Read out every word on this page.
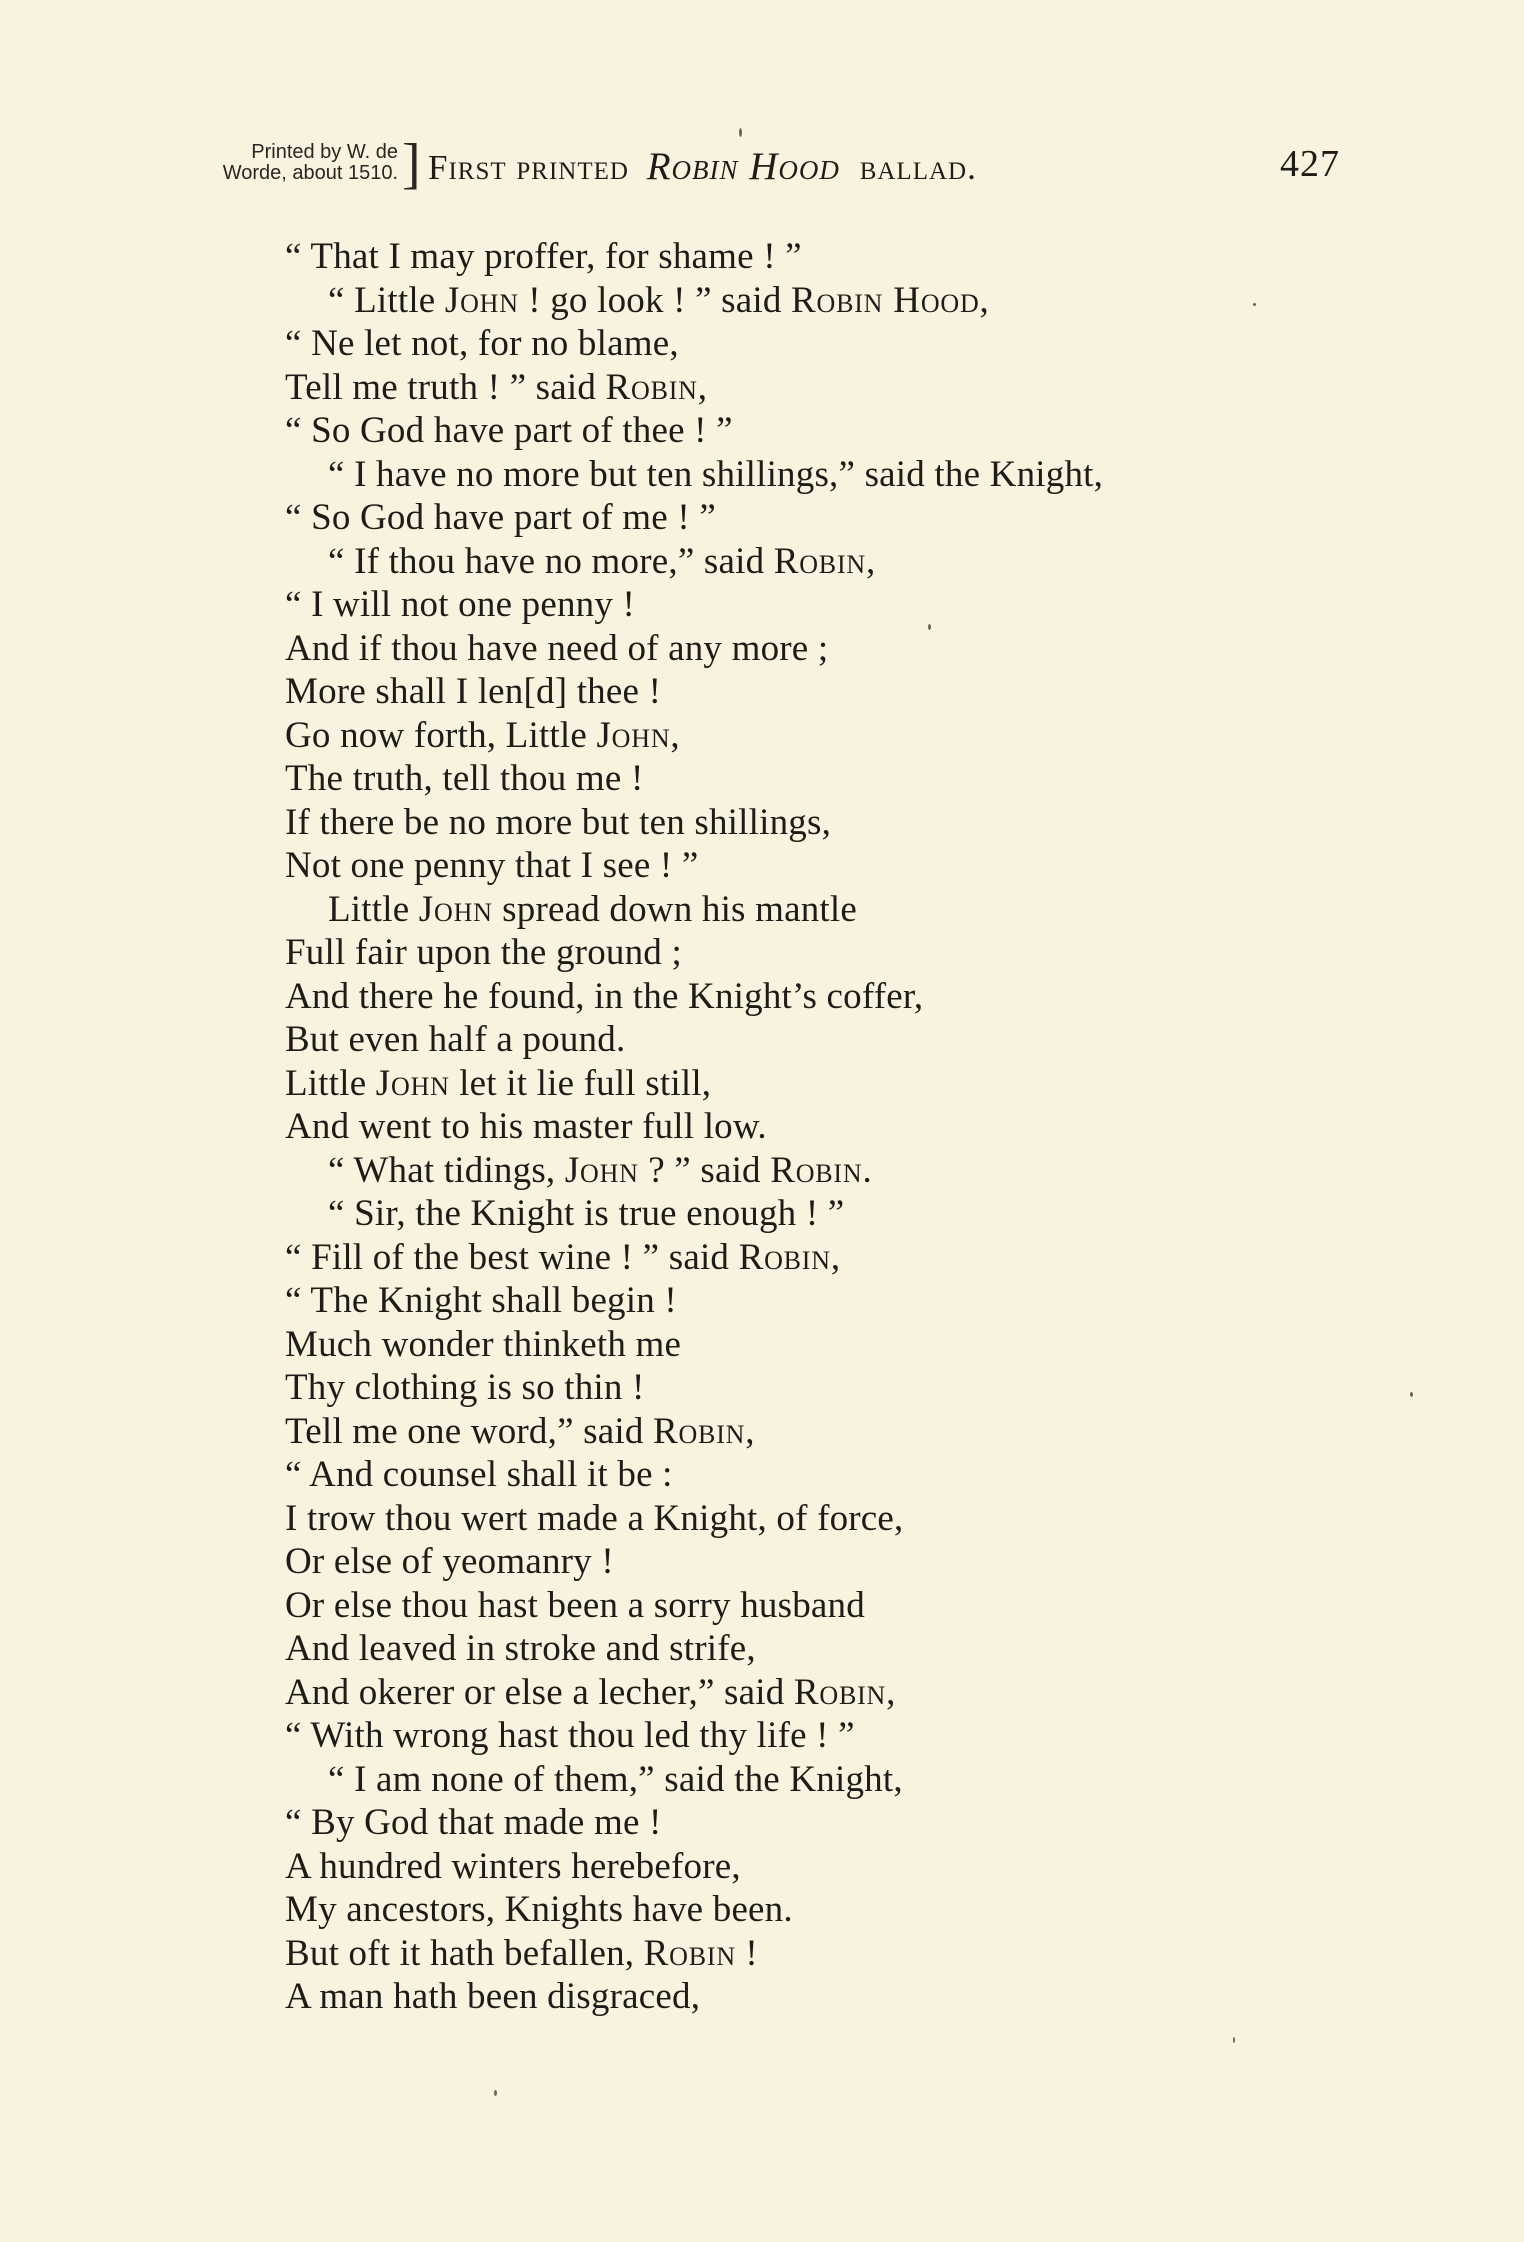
Printed by W. de
Worde, about 1510. ] First printed Robin Hood ballad.	427
“ That I may proffer, for shame ! ”
“ Little John ! go look ! ” said Robin Hood,
“ Ne let not, for no blame,
Tell me truth ! ” said Robin,
“ So God have part of thee ! ”
“ I have no more but ten shillings,” said the Knight,
“ So God have part of me ! ”
“ If thou have no more,” said Robin,
“ I will not one penny !
And if thou have need of any more ;
More shall I len[d] thee !
Go now forth, Little John,
The truth, tell thou me !
If there be no more but ten shillings,
Not one penny that I see ! ”
Little John spread down his mantle
Full fair upon the ground ;
And there he found, in the Knight’s coffer,
But even half a pound.
Little John let it lie full still,
And went to his master full low.
“ What tidings, John ? ” said Robin.
“ Sir, the Knight is true enough ! ”
“ Fill of the best wine ! ” said Robin,
“ The Knight shall begin !
Much wonder thinketh me
Thy clothing is so thin !
Tell me one word,” said Robin,
“ And counsel shall it be :
I trow thou wert made a Knight, of force,
Or else of yeomanry !
Or else thou hast been a sorry husband
And leaved in stroke and strife,
And okerer or else a lecher,” said Robin,
“ With wrong hast thou led thy life ! ”
“ I am none of them,” said the Knight,
“ By God that made me !
A hundred winters herebefore,
My ancestors, Knights have been.
But oft it hath befallen, Robin !
A man hath been disgraced,
